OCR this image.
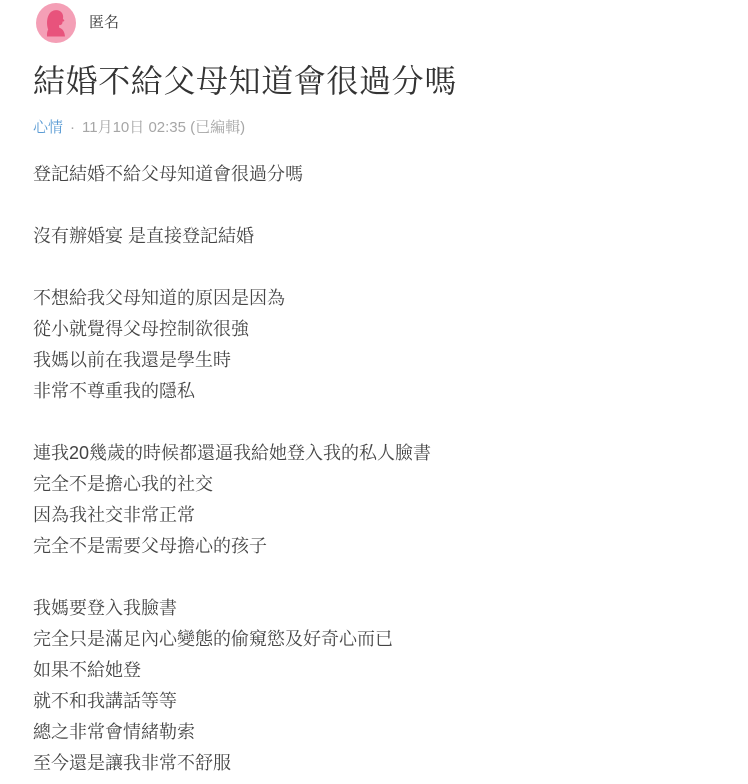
匿名
結婚不給父母知道會很過分嗎
心情 · 11月10日 02:35 (已編輯)

登記結婚不給父母知道會很過分嗎

沒有辦婚宴 是直接登記結婚

不想給我父母知道的原因是因為
從小就覺得父母控制欲很強
我媽以前在我還是學生時
非常不尊重我的隱私

連我20幾歲的時候都還逼我給她登入我的私人臉書
完全不是擔心我的社交
因為我社交非常正常
完全不是需要父母擔心的孩子

我媽要登入我臉書
完全只是滿足內心變態的偷窺慾及好奇心而已
如果不給她登
就不和我講話等等
總之非常會情緒勒索
至今還是讓我非常不舒服
